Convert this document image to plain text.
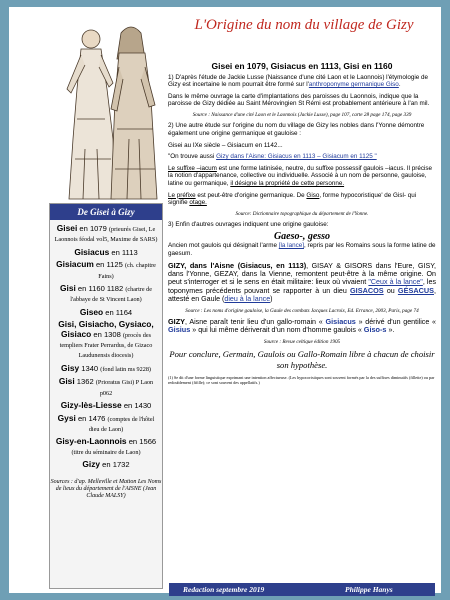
L'Origine du nom du village de Gizy
De Gisei à Gizy
Gisei en 1079 (prieurés Gisei, Le Laonnois féodal vol5, Maxime de SARS)
Gisiacus en 1113
Gisiacum en 1125 (ch. chapitre Fains)
Gisi en 1160 1182 (chartre de l'abbaye de St Vincent Laon)
Giseo en 1164
Gisi, Gisiacho, Gysiaco, Gisiaco en 1308 (procès des templiers Frater Perrardus, de Gizaco Laudunensis diocesis)
Gisy 1340 (fond latin ms 9228)
Gisi 1362 (Prioratus Gisi) P Laon p062
Gizy-lès-Liesse en 1430
Gysi en 1476 (comptes de l'hôtel dieu de Laon)
Gisy-en-Laonnois en 1566 (titre du séminaire de Laon)
Gizy en 1732
Sources : d'ap. Melleville et Matton Les Noms de lieux du département de l'AISNE (Jean Claude MALSY)
Gisei en 1079, Gisiacus en 1113, Gisi en 1160

1) D'après l'étude de Jackie Lusse (Naissance d'une cité Laon et le Laonnois) l'étymologie de Gizy est incertaine le nom pourrait être formé sur l'anthroponyme germanique Giso.

Dans le même ouvrage la carte d'implantations des paroisses du Laonnois, indique que la paroisse de Gizy dédiée au Saint Mérovingien St Rémi est probablement antérieure à l'an mil.

Source : Naissance d'une cité Laon et le Laonnois (Jackie Lusse), page 107, carte 28 page 174, page 339

2) Une autre étude sur l'origine du nom du village de Gizy les nobles dans l'Yonne démontre également une origine germanique et gauloise :

Gisei au IXe siècle – Gisiacum en 1142...

"On trouve aussi Gizy dans l'Aisne: Gisiacus en 1113 – Gisiacum en 1125 "

Le suffixe –iacum est une forme latinisée, neutre, du suffixe possessif gaulois –iacus. Il précise la notion d'appartenance, collective ou individuelle. Associé à un nom de personne, gauloise, latine ou germanique, il désigne la propriété de cette personne.

Le préfixe est peut-être d'origine germanique. De Giso, forme hypocoristique' de Gisl- qui signifie otage.

Source: Dictionnaire topographique du département de l'Yonne.

3) Enfin d'autres ouvrages indiquent une origine gauloise:

Gaeso-, gesso

Ancien mot gaulois qui désignait l'arme [la lance], repris par les Romains sous la forme latine de gaesum.

GIZY, dans l'Aisne (Gisiacus, en 1113), GISAY & GISORS dans l'Eure, GISY, dans l'Yonne, GEZAY, dans la Vienne, remontent peut-être à la même origine. On peut s'interroger et si le sens en était militaire: lieux où vivaient "Ceux à la lance", les toponymes précédents pouvant se rapporter à un dieu GISACOS ou GÉSACUS, attesté en Gaule (dieu à la lance)

Source : Les noms d'origine gauloise, la Gaule des combats Jacques Lacroix, Ed. Errance, 2003, Paris, page 74

GIZY, Aisne paraît tenir lieu d'un gallo-romain « Gisiacus » dérivé d'un gentilice « Gisius » qui lui même dériverait d'un nom d'homme gaulois « Giso-s ».

Source : Revue celtique édition 1905

Pour conclure, Germain, Gaulois ou Gallo-Romain libre à chacun de choisir son hypothèse.

(1) Se dit d'une forme linguistique exprimant une intention affectueuse. (Les hypocoristiques sont souvent formés par la des suffixes diminutifs (fillette) ou par redoublement (fifille); ce sont souvent des appellatifs.)

Redaction septembre 2019	Philippe Hanys
